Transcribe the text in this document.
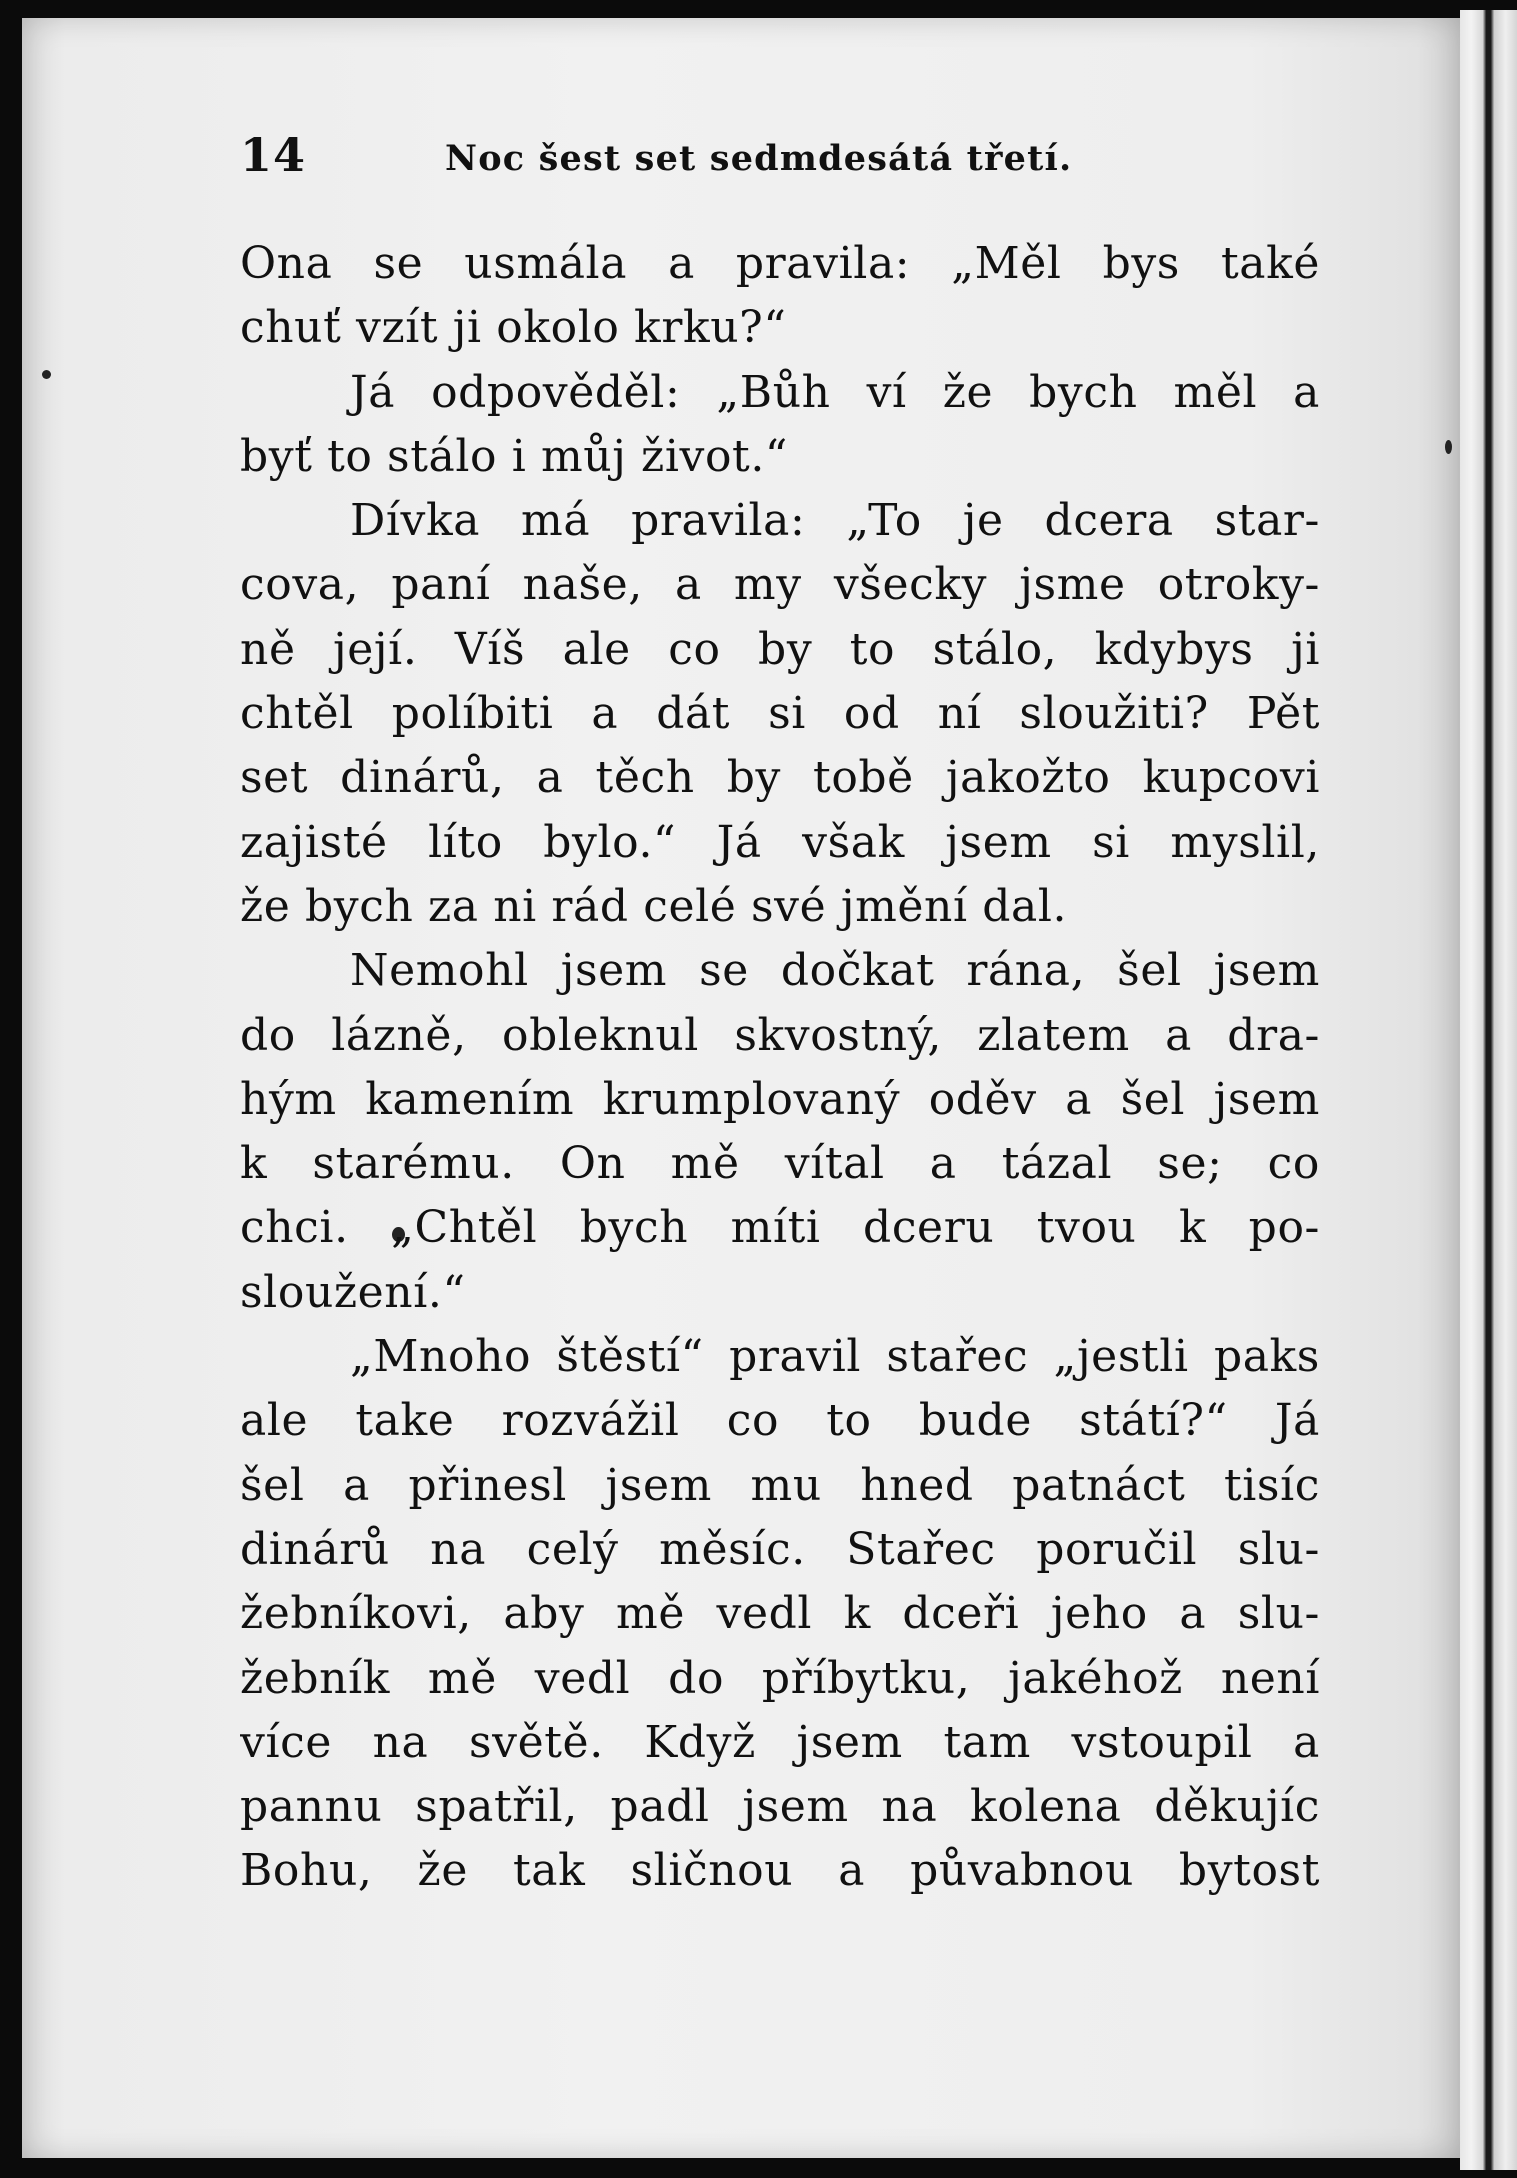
14	Noc šest set sedmdesátá třetí.
Ona se usmála a pravila: „Měl bys také
chuť vzít ji okolo krku?“
Já odpověděl: „Bůh ví že bych měl a
byť to stálo i můj život.“
Dívka má pravila: „To je dcera star-
cova, paní naše, a my všecky jsme otroky-
ně její. Víš ale co by to stálo, kdybys ji
chtěl políbiti a dát si od ní sloužiti? Pět
set dinárů, a těch by tobě jakožto kupcovi
zajisté líto bylo.“ Já však jsem si myslil,
že bych za ni rád celé své jmění dal.
Nemohl jsem se dočkat rána, šel jsem
do lázně, obleknul skvostný, zlatem a dra-
hým kamením krumplovaný oděv a šel jsem
k starému. On mě vítal a tázal se; co
chci. „Chtěl bych míti dceru tvou k po-
sloužení.“
„Mnoho štěstí“ pravil stařec „jestli paks
ale take rozvážil co to bude státí?“ Já
šel a přinesl jsem mu hned patnáct tisíc
dinárů na celý měsíc. Stařec poručil slu-
žebníkovi, aby mě vedl k dceři jeho a slu-
žebník mě vedl do příbytku, jakéhož není
více na světě. Když jsem tam vstoupil a
pannu spatřil, padl jsem na kolena děkujíc
Bohu, že tak sličnou a půvabnou bytost
